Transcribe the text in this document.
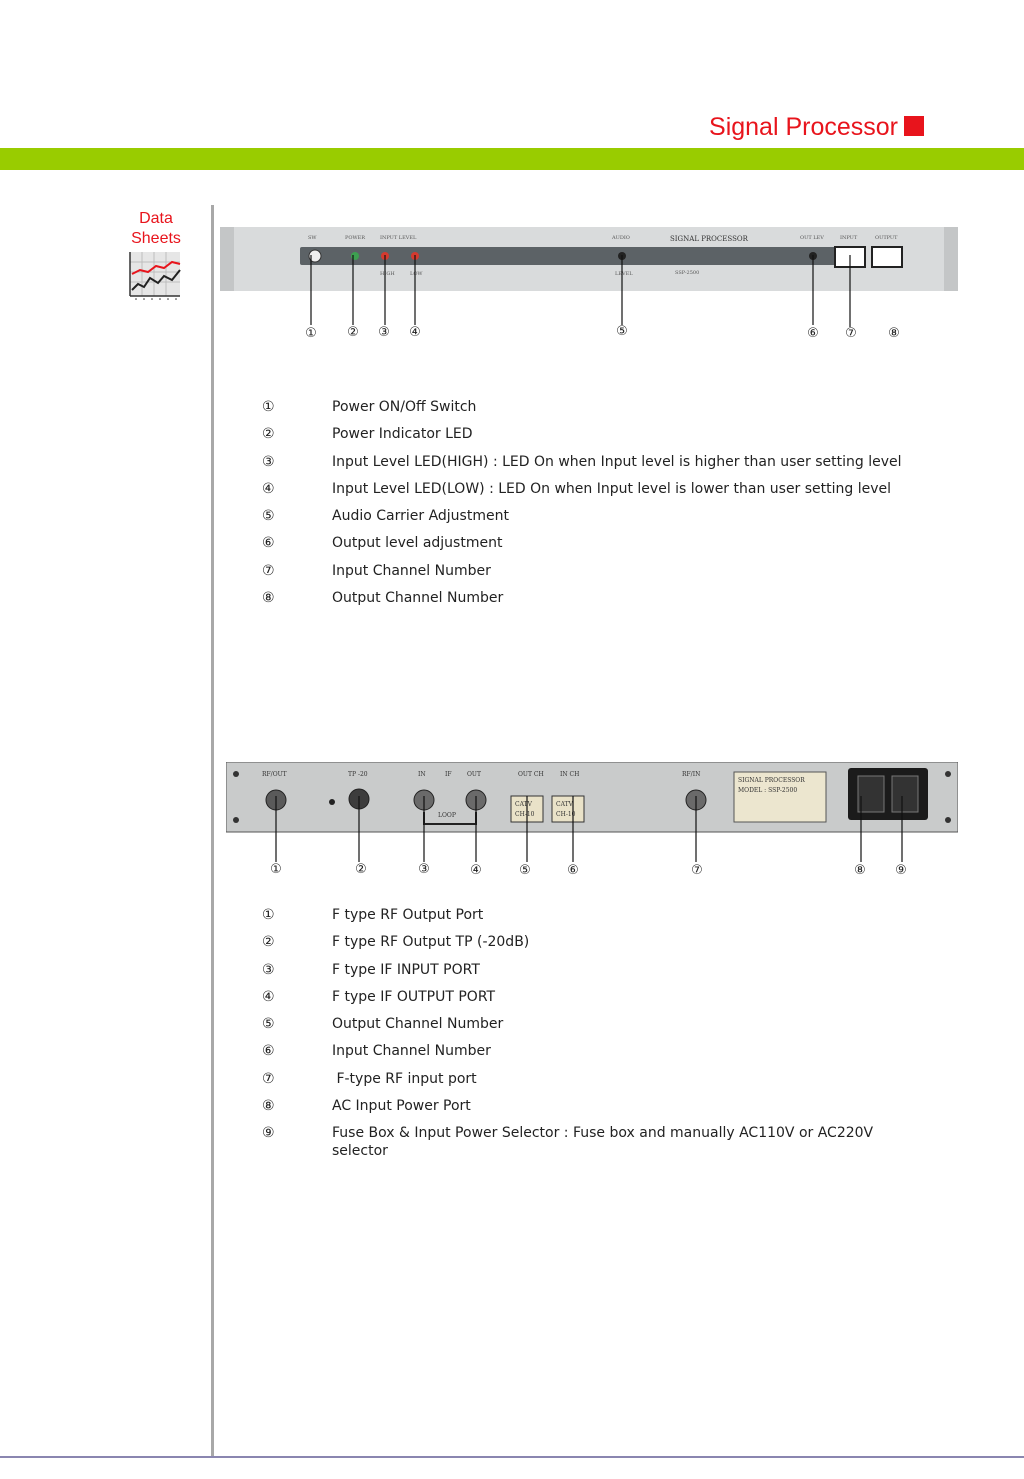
Signal Processor
Data
Sheets	SW	POWER	INPUT LEVEL	AUDIO	OUT LEV	INPUT	OUTPUT
HIGH	LOW	LEVEL	SSP-2500
SIGNAL PROCESSOR
① ② ③ ④	⑤	⑥ ⑦ ⑧
①	Power ON/Off Switch
②	Power Indicator LED
③	Input Level LED(HIGH) : LED On when Input level is higher than user setting level
④	Input Level LED(LOW) : LED On when Input level is lower than user setting level
⑤	Audio Carrier Adjustment
⑥	Output level adjustment
⑦	Input Channel Number
⑧	Output Channel Number
RF/OUT	TP -20	IN	IF	OUT
LOOP
OUT CH	IN CH
CATV
CH-10
CATV
CH-10
RF/IN
SIGNAL PROCESSOR
MODEL : SSP-2500
①	②	③	④	⑤	⑥	⑦	⑧ ⑨
①	F type RF Output Port
②	F type RF Output TP (-20dB)
③	F type IF INPUT PORT
④	F type IF OUTPUT PORT
⑤	Output Channel Number
⑥	Input Channel Number
⑦	F-type RF input port
⑧	AC Input Power Port
⑨	Fuse Box & Input Power Selector : Fuse box and manually AC110V or AC220V
selector
